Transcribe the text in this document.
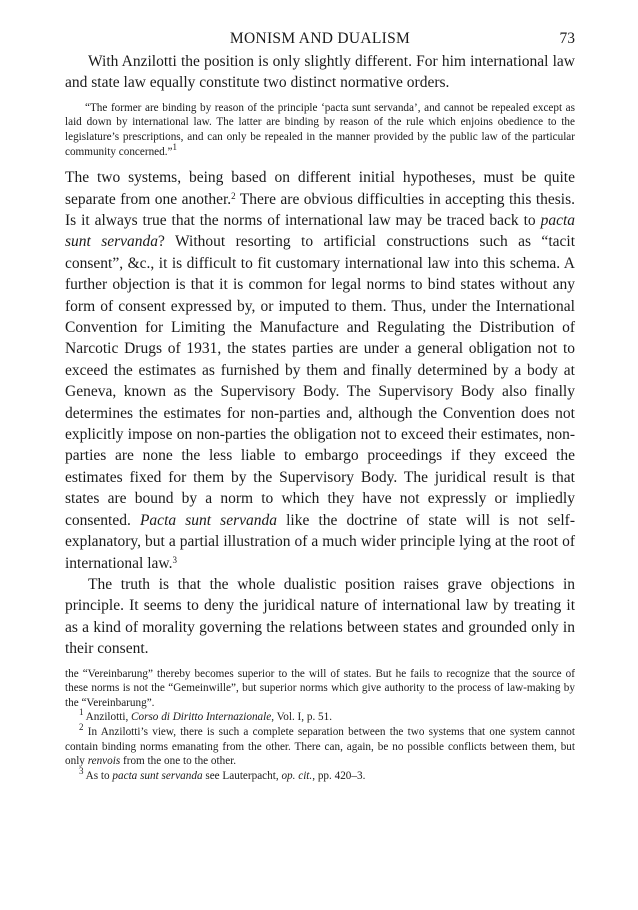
MONISM AND DUALISM	73

With Anzilotti the position is only slightly different. For him international law and state law equally constitute two distinct normative orders.

“The former are binding by reason of the principle ‘pacta sunt servanda’, and cannot be repealed except as laid down by international law. The latter are binding by reason of the rule which enjoins obedience to the legislature’s prescriptions, and can only be repealed in the manner provided by the public law of the particular community concerned.”$^1$

The two systems, being based on different initial hypotheses, must be quite separate from one another.$^2$ There are obvious difficulties in accepting this thesis. Is it always true that the norms of international law may be traced back to pacta sunt servanda? Without resorting to artificial constructions such as “tacit consent”, &c., it is difficult to fit customary international law into this schema. A further objection is that it is common for legal norms to bind states without any form of consent expressed by, or imputed to them. Thus, under the International Convention for Limiting the Manufacture and Regulating the Distribution of Narcotic Drugs of 1931, the states parties are under a general obligation not to exceed the estimates as furnished by them and finally determined by a body at Geneva, known as the Supervisory Body. The Supervisory Body also finally determines the estimates for non-parties and, although the Convention does not explicitly impose on non-parties the obligation not to exceed their estimates, non-parties are none the less liable to embargo proceedings if they exceed the estimates fixed for them by the Supervisory Body. The juridical result is that states are bound by a norm to which they have not expressly or impliedly consented. Pacta sunt servanda like the doctrine of state will is not self-explanatory, but a partial illustration of a much wider principle lying at the root of international law.$^3$

The truth is that the whole dualistic position raises grave objections in principle. It seems to deny the juridical nature of international law by treating it as a kind of morality governing the relations between states and grounded only in their consent.

the “Vereinbarung” thereby becomes superior to the will of states. But he fails to recognize that the source of these norms is not the “Gemeinwille”, but superior norms which give authority to the process of law-making by the “Vereinbarung”.

$^1$ Anzilotti, Corso di Diritto Internazionale, Vol. I, p. 51.

$^2$ In Anzilotti’s view, there is such a complete separation between the two systems that one system cannot contain binding norms emanating from the other. There can, again, be no possible conflicts between them, but only renvois from the one to the other.

$^3$ As to pacta sunt servanda see Lauterpacht, op. cit., pp. 420–3.
